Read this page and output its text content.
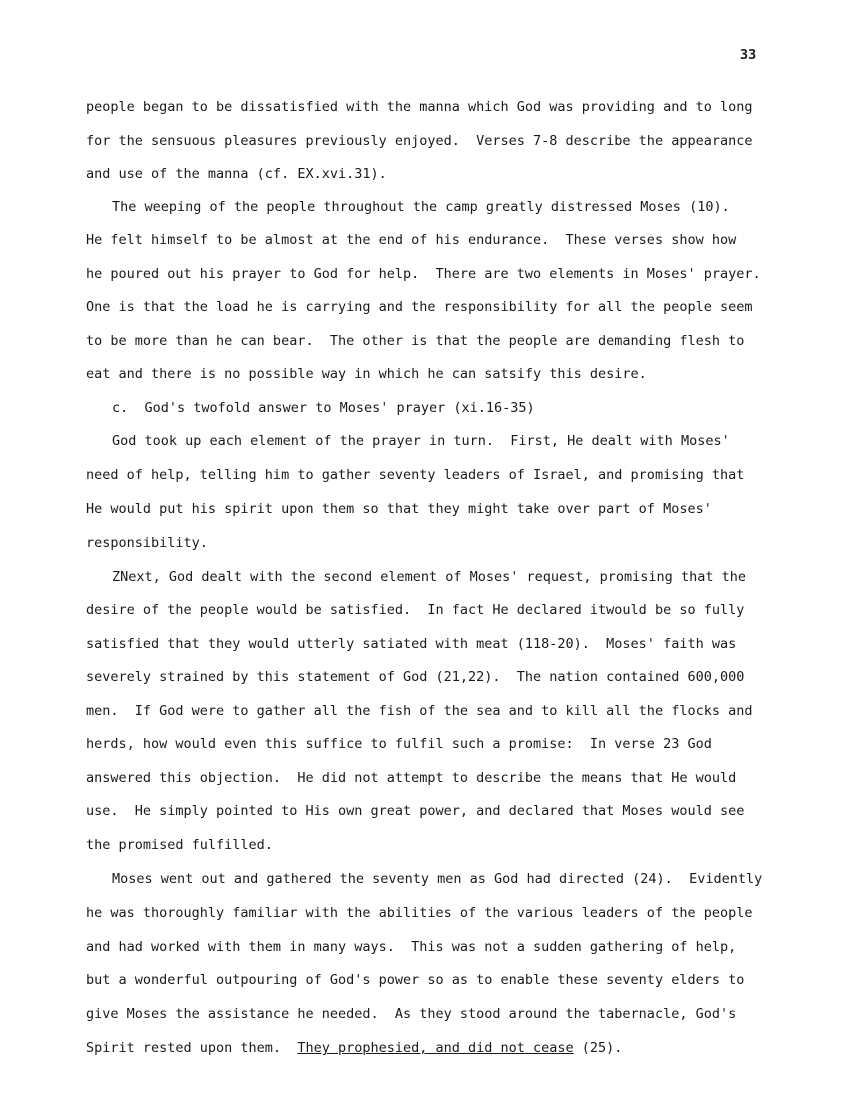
33
people began to be dissatisfied with the manna which God was providing and to long
for the sensuous pleasures previously enjoyed.  Verses 7-8 describe the appearance
and use of the manna (cf. EX.xvi.31).
The weeping of the people throughout the camp greatly distressed Moses (10).
He felt himself to be almost at the end of his endurance.  These verses show how
he poured out his prayer to God for help.  There are two elements in Moses' prayer.
One is that the load he is carrying and the responsibility for all the people seem
to be more than he can bear.  The other is that the people are demanding flesh to
eat and there is no possible way in which he can satsify this desire.
c.  God's twofold answer to Moses' prayer (xi.16-35)
God took up each element of the prayer in turn.  First, He dealt with Moses'
need of help, telling him to gather seventy leaders of Israel, and promising that
He would put his spirit upon them so that they might take over part of Moses'
responsibility.
ZNext, God dealt with the second element of Moses' request, promising that the
desire of the people would be satisfied.  In fact He declared itwould be so fully
satisfied that they would utterly satiated with meat (118-20).  Moses' faith was
severely strained by this statement of God (21,22).  The nation contained 600,000
men.  If God were to gather all the fish of the sea and to kill all the flocks and
herds, how would even this suffice to fulfil such a promise:  In verse 23 God
answered this objection.  He did not attempt to describe the means that He would
use.  He simply pointed to His own great power, and declared that Moses would see
the promised fulfilled.
Moses went out and gathered the seventy men as God had directed (24).  Evidently
he was thoroughly familiar with the abilities of the various leaders of the people
and had worked with them in many ways.  This was not a sudden gathering of help,
but a wonderful outpouring of God's power so as to enable these seventy elders to
give Moses the assistance he needed.  As they stood around the tabernacle, God's
Spirit rested upon them.  They prophesied, and did not cease (25).
